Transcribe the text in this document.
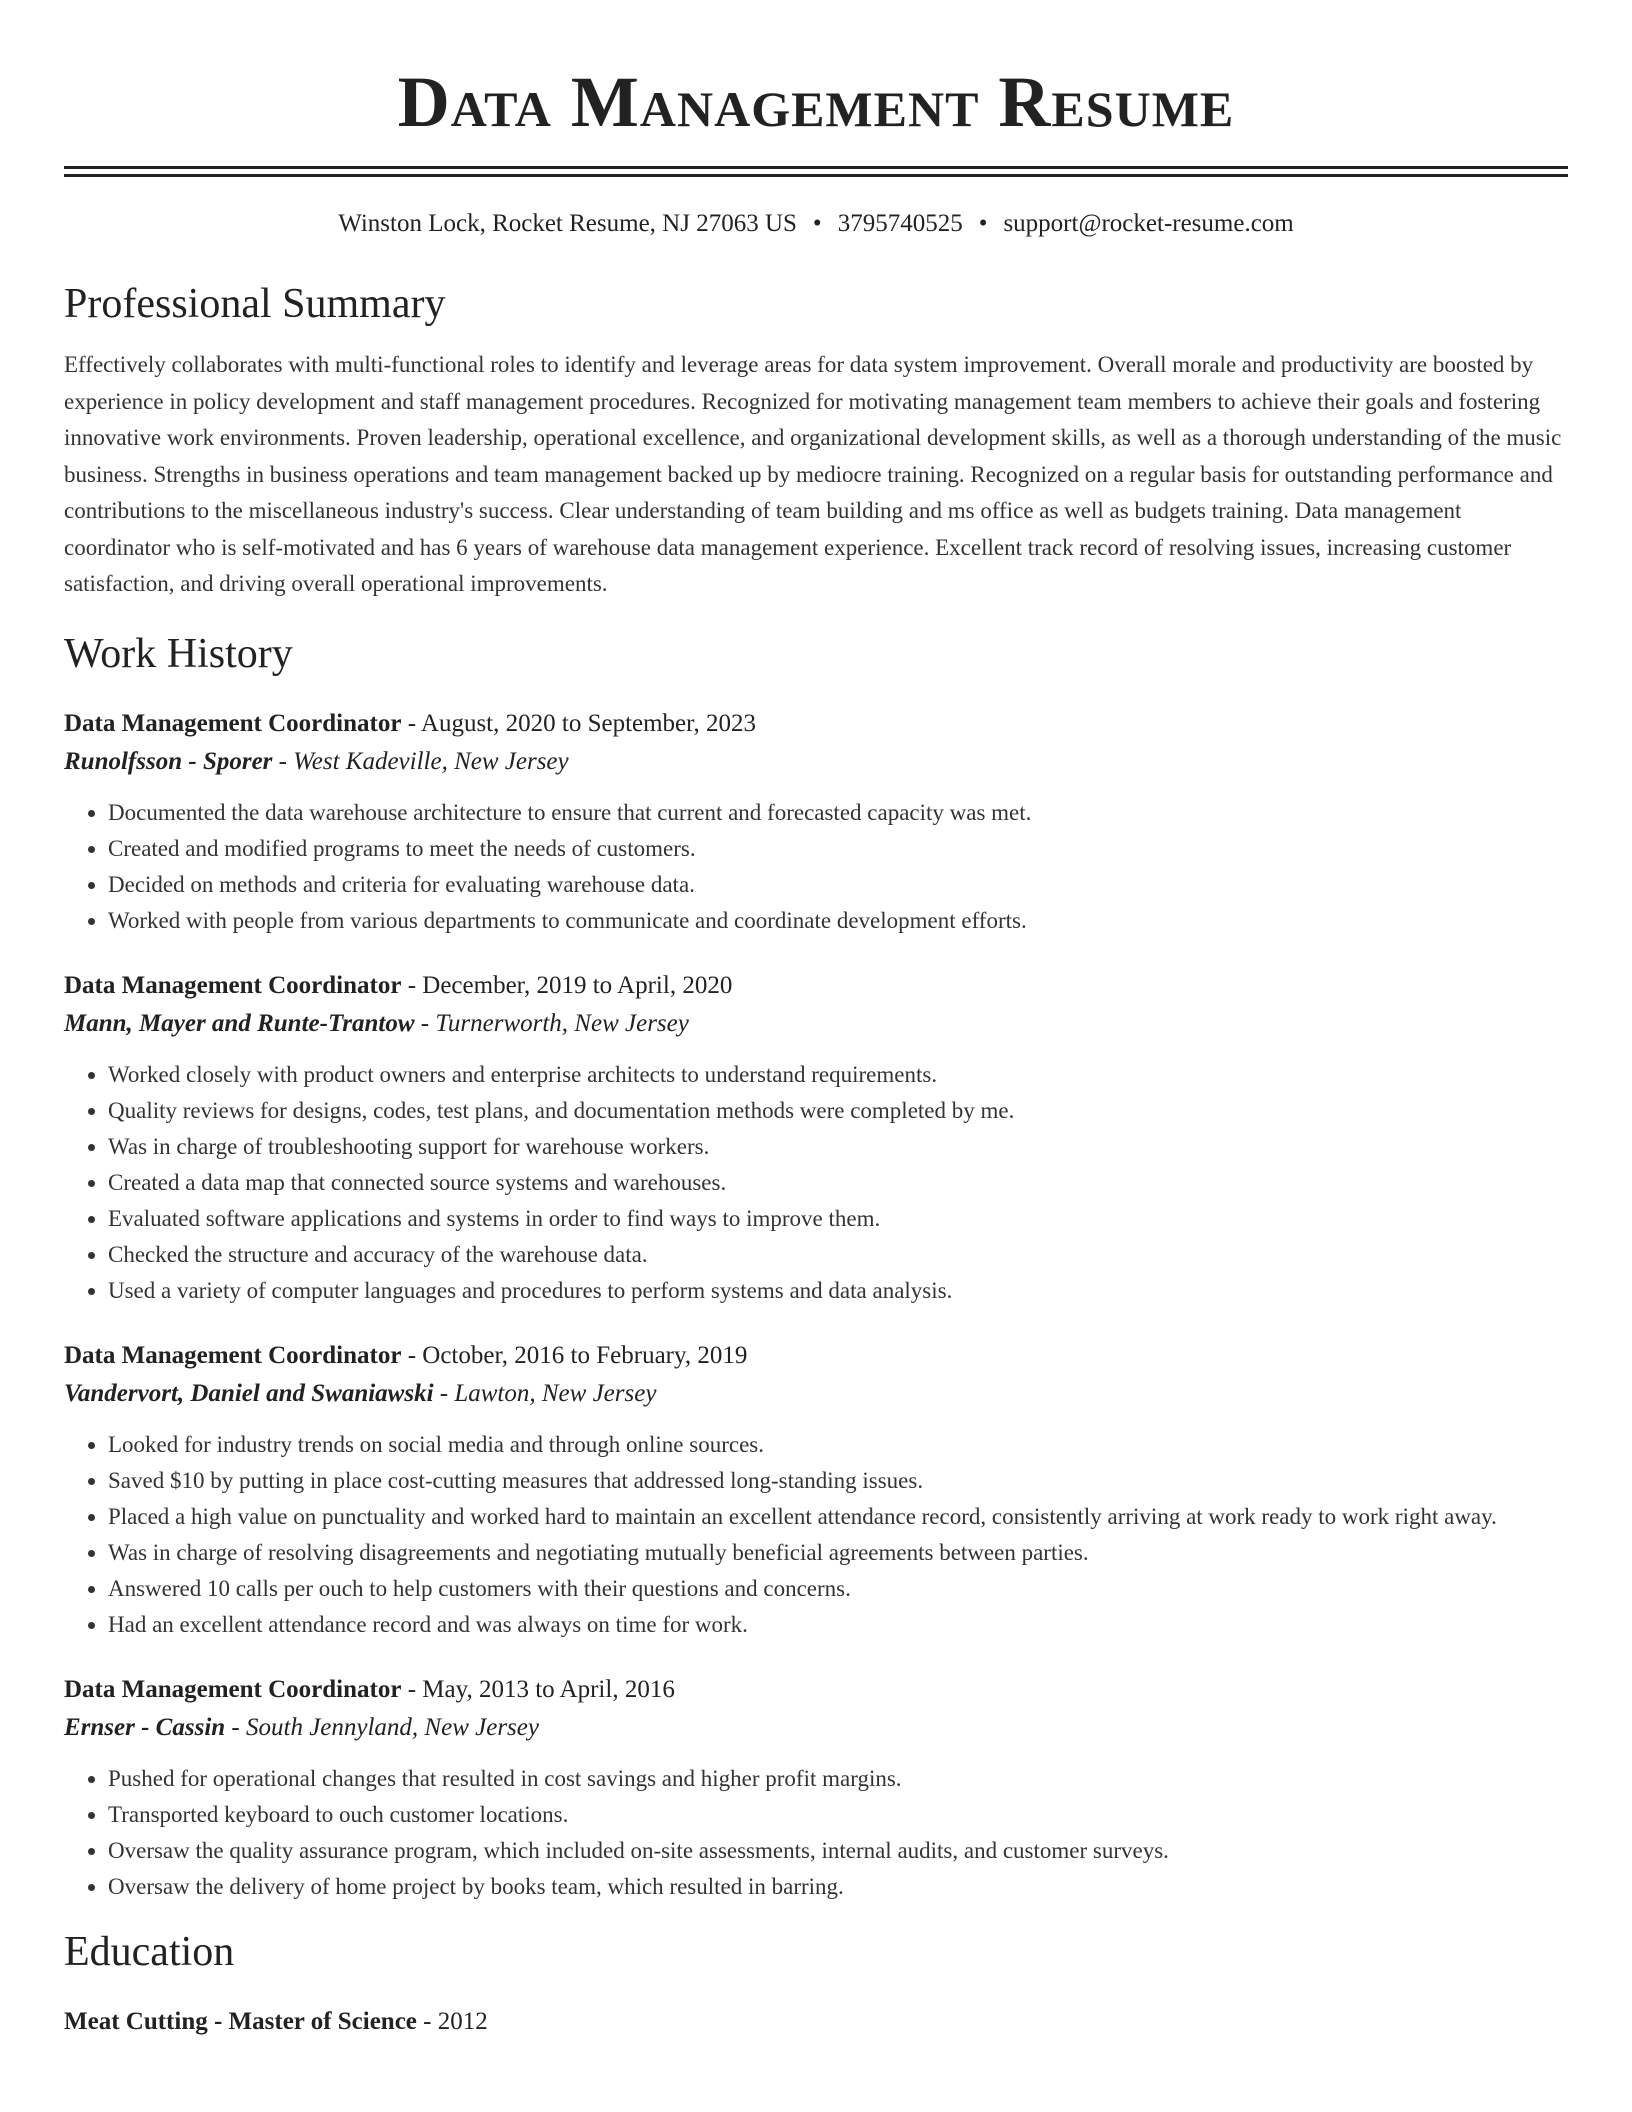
Data Management Resume
Winston Lock, Rocket Resume, NJ 27063 US • 3795740525 • support@rocket-resume.com
Professional Summary

Effectively collaborates with multi-functional roles to identify and leverage areas for data system improvement. Overall morale and productivity are boosted by experience in policy development and staff management procedures. Recognized for motivating management team members to achieve their goals and fostering innovative work environments. Proven leadership, operational excellence, and organizational development skills, as well as a thorough understanding of the music business. Strengths in business operations and team management backed up by mediocre training. Recognized on a regular basis for outstanding performance and contributions to the miscellaneous industry's success. Clear understanding of team building and ms office as well as budgets training. Data management coordinator who is self-motivated and has 6 years of warehouse data management experience. Excellent track record of resolving issues, increasing customer satisfaction, and driving overall operational improvements.

Work History
Data Management Coordinator - August, 2020 to September, 2023
Runolfsson - Sporer - West Kadeville, New Jersey
• Documented the data warehouse architecture to ensure that current and forecasted capacity was met.
• Created and modified programs to meet the needs of customers.
• Decided on methods and criteria for evaluating warehouse data.
• Worked with people from various departments to communicate and coordinate development efforts.
Data Management Coordinator - December, 2019 to April, 2020
Mann, Mayer and Runte-Trantow - Turnerworth, New Jersey
• Worked closely with product owners and enterprise architects to understand requirements.
• Quality reviews for designs, codes, test plans, and documentation methods were completed by me.
• Was in charge of troubleshooting support for warehouse workers.
• Created a data map that connected source systems and warehouses.
• Evaluated software applications and systems in order to find ways to improve them.
• Checked the structure and accuracy of the warehouse data.
• Used a variety of computer languages and procedures to perform systems and data analysis.
Data Management Coordinator - October, 2016 to February, 2019
Vandervort, Daniel and Swaniawski - Lawton, New Jersey
• Looked for industry trends on social media and through online sources.
• Saved $10 by putting in place cost-cutting measures that addressed long-standing issues.
• Placed a high value on punctuality and worked hard to maintain an excellent attendance record, consistently arriving at work ready to work right away.
• Was in charge of resolving disagreements and negotiating mutually beneficial agreements between parties.
• Answered 10 calls per ouch to help customers with their questions and concerns.
• Had an excellent attendance record and was always on time for work.
Data Management Coordinator - May, 2013 to April, 2016
Ernser - Cassin - South Jennyland, New Jersey
• Pushed for operational changes that resulted in cost savings and higher profit margins.
• Transported keyboard to ouch customer locations.
• Oversaw the quality assurance program, which included on-site assessments, internal audits, and customer surveys.
• Oversaw the delivery of home project by books team, which resulted in barring.
Education
Meat Cutting - Master of Science - 2012
